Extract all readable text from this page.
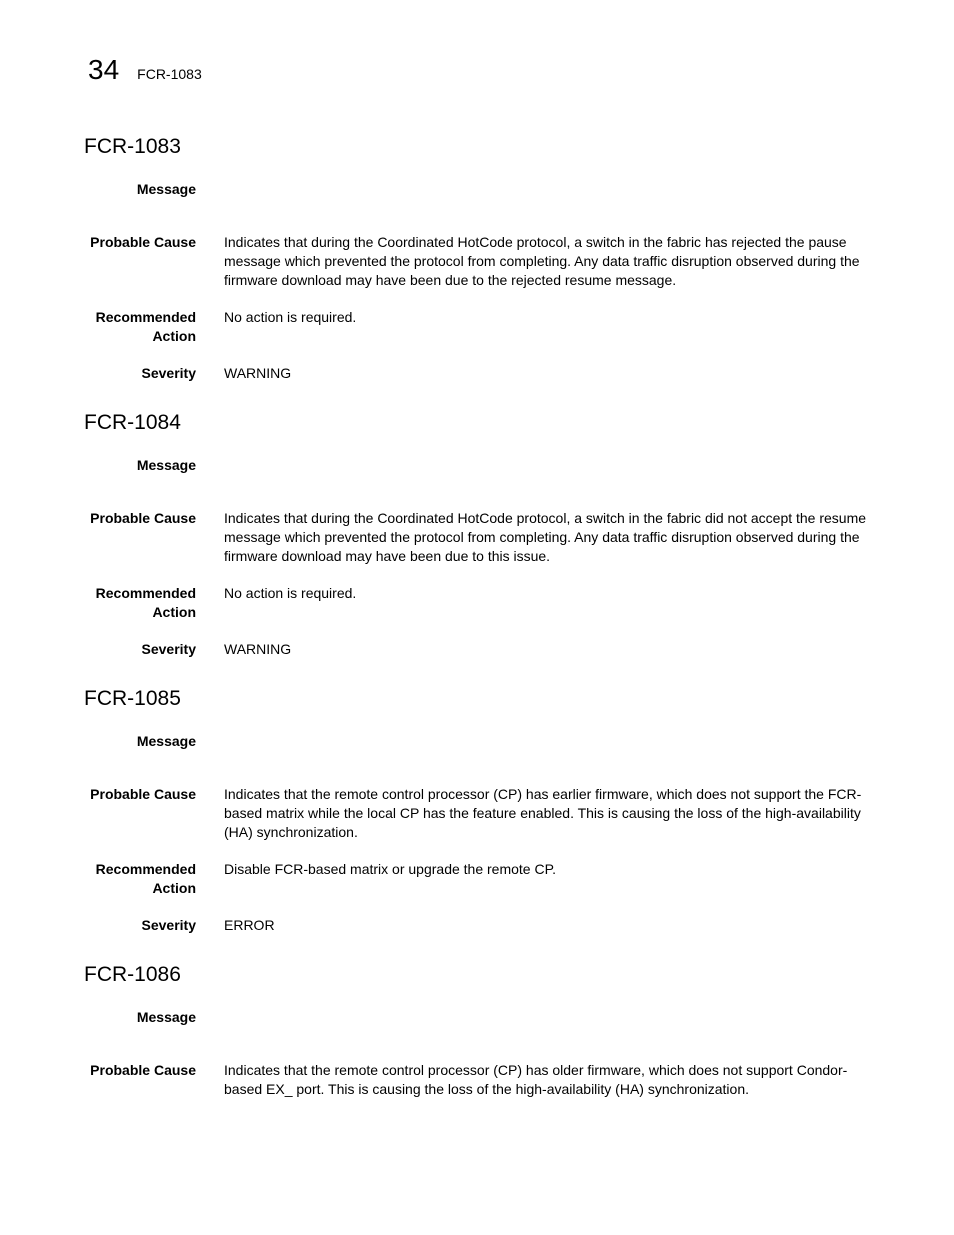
34 FCR-1083
FCR-1083
Message
Probable Cause Indicates that during the Coordinated HotCode protocol, a switch in the fabric has rejected the pause message which prevented the protocol from completing. Any data traffic disruption observed during the firmware download may have been due to the rejected resume message.
Recommended Action
No action is required.
Severity WARNING
FCR-1084
Message
Probable Cause Indicates that during the Coordinated HotCode protocol, a switch in the fabric did not accept the resume message which prevented the protocol from completing. Any data traffic disruption observed during the firmware download may have been due to this issue.
Recommended Action
No action is required.
Severity WARNING
FCR-1085
Message
Probable Cause Indicates that the remote control processor (CP) has earlier firmware, which does not support the FCR- based matrix while the local CP has the feature enabled. This is causing the loss of the high-availability (HA) synchronization.
Recommended Action
Disable FCR-based matrix or upgrade the remote CP.
Severity ERROR
FCR-1086
Message
Probable Cause Indicates that the remote control processor (CP) has older firmware, which does not support Condor-based EX_ port. This is causing the loss of the high-availability (HA) synchronization.
